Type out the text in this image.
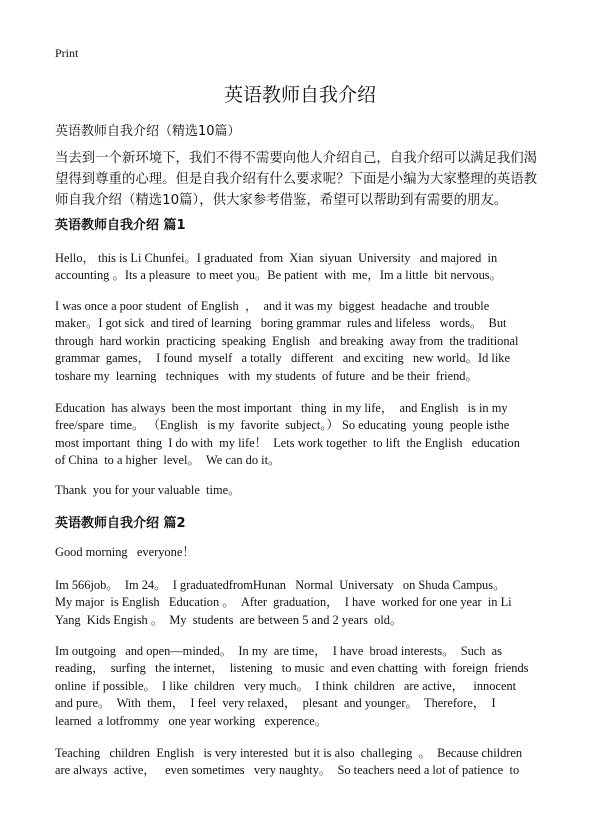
Print
英语教师自我介绍
英语教师自我介绍（精选10篇）
当去到一个新环境下，我们不得不需要向他人介绍自己，自我介绍可以满足我们渴
望得到尊重的心理。但是自我介绍有什么要求呢？下面是小编为大家整理的英语教
师自我介绍（精选10篇），供大家参考借鉴，希望可以帮助到有需要的朋友。
英语教师自我介绍 篇1
Hello， this is Li Chunfei。I graduated  from  Xian  siyuan  University   and majored  in
accounting 。Its a pleasure  to meet you。Be patient  with  me，Im a little  bit nervous。
I was once a poor student  of English  ，  and it was my  biggest  headache  and trouble
maker。I got sick  and tired of learning   boring grammar  rules and lifeless   words。  But
through  hard workin  practicing  speaking  English   and breaking  away from  the traditional
grammar  games，  I found  myself   a totally   different   and exciting   new world。Id like
toshare my  learning   techniques   with  my students  of future  and be their  friend。
Education  has always  been the most important   thing  in my life，  and English   is in my
free/spare  time。 （English   is my  favorite  subject。） So educating  young  people isthe
most important  thing  I do with  my life！  Lets work together  to lift  the English   education
of China  to a higher  level。  We can do it。
Thank  you for your valuable  time。
英语教师自我介绍 篇2
Good morning   everyone！
Im 566job。  Im 24。  I graduatedfromHunan   Normal  Universaty   on Shuda Campus。
My major  is English   Education 。  After  graduation，  I have  worked for one year  in Li
Yang  Kids Engish 。  My  students  are between 5 and 2 years  old。
Im outgoing   and open—minded。  In my  are time，  I have  broad interests。  Such  as
reading，  surfing   the internet，  listening   to music  and even chatting  with  foreign  friends
online  if possible。  I like  children   very much。  I think  children   are active，   innocent
and pure。  With  them，  I feel  very relaxed，  plesant  and younger。  Therefore，  I
learned  a lotfrommy   one year working   experence。
Teaching   children  English   is very interested  but it is also  challeging  。  Because children
are always  active，   even sometimes   very naughty。  So teachers need a lot of patience  to
